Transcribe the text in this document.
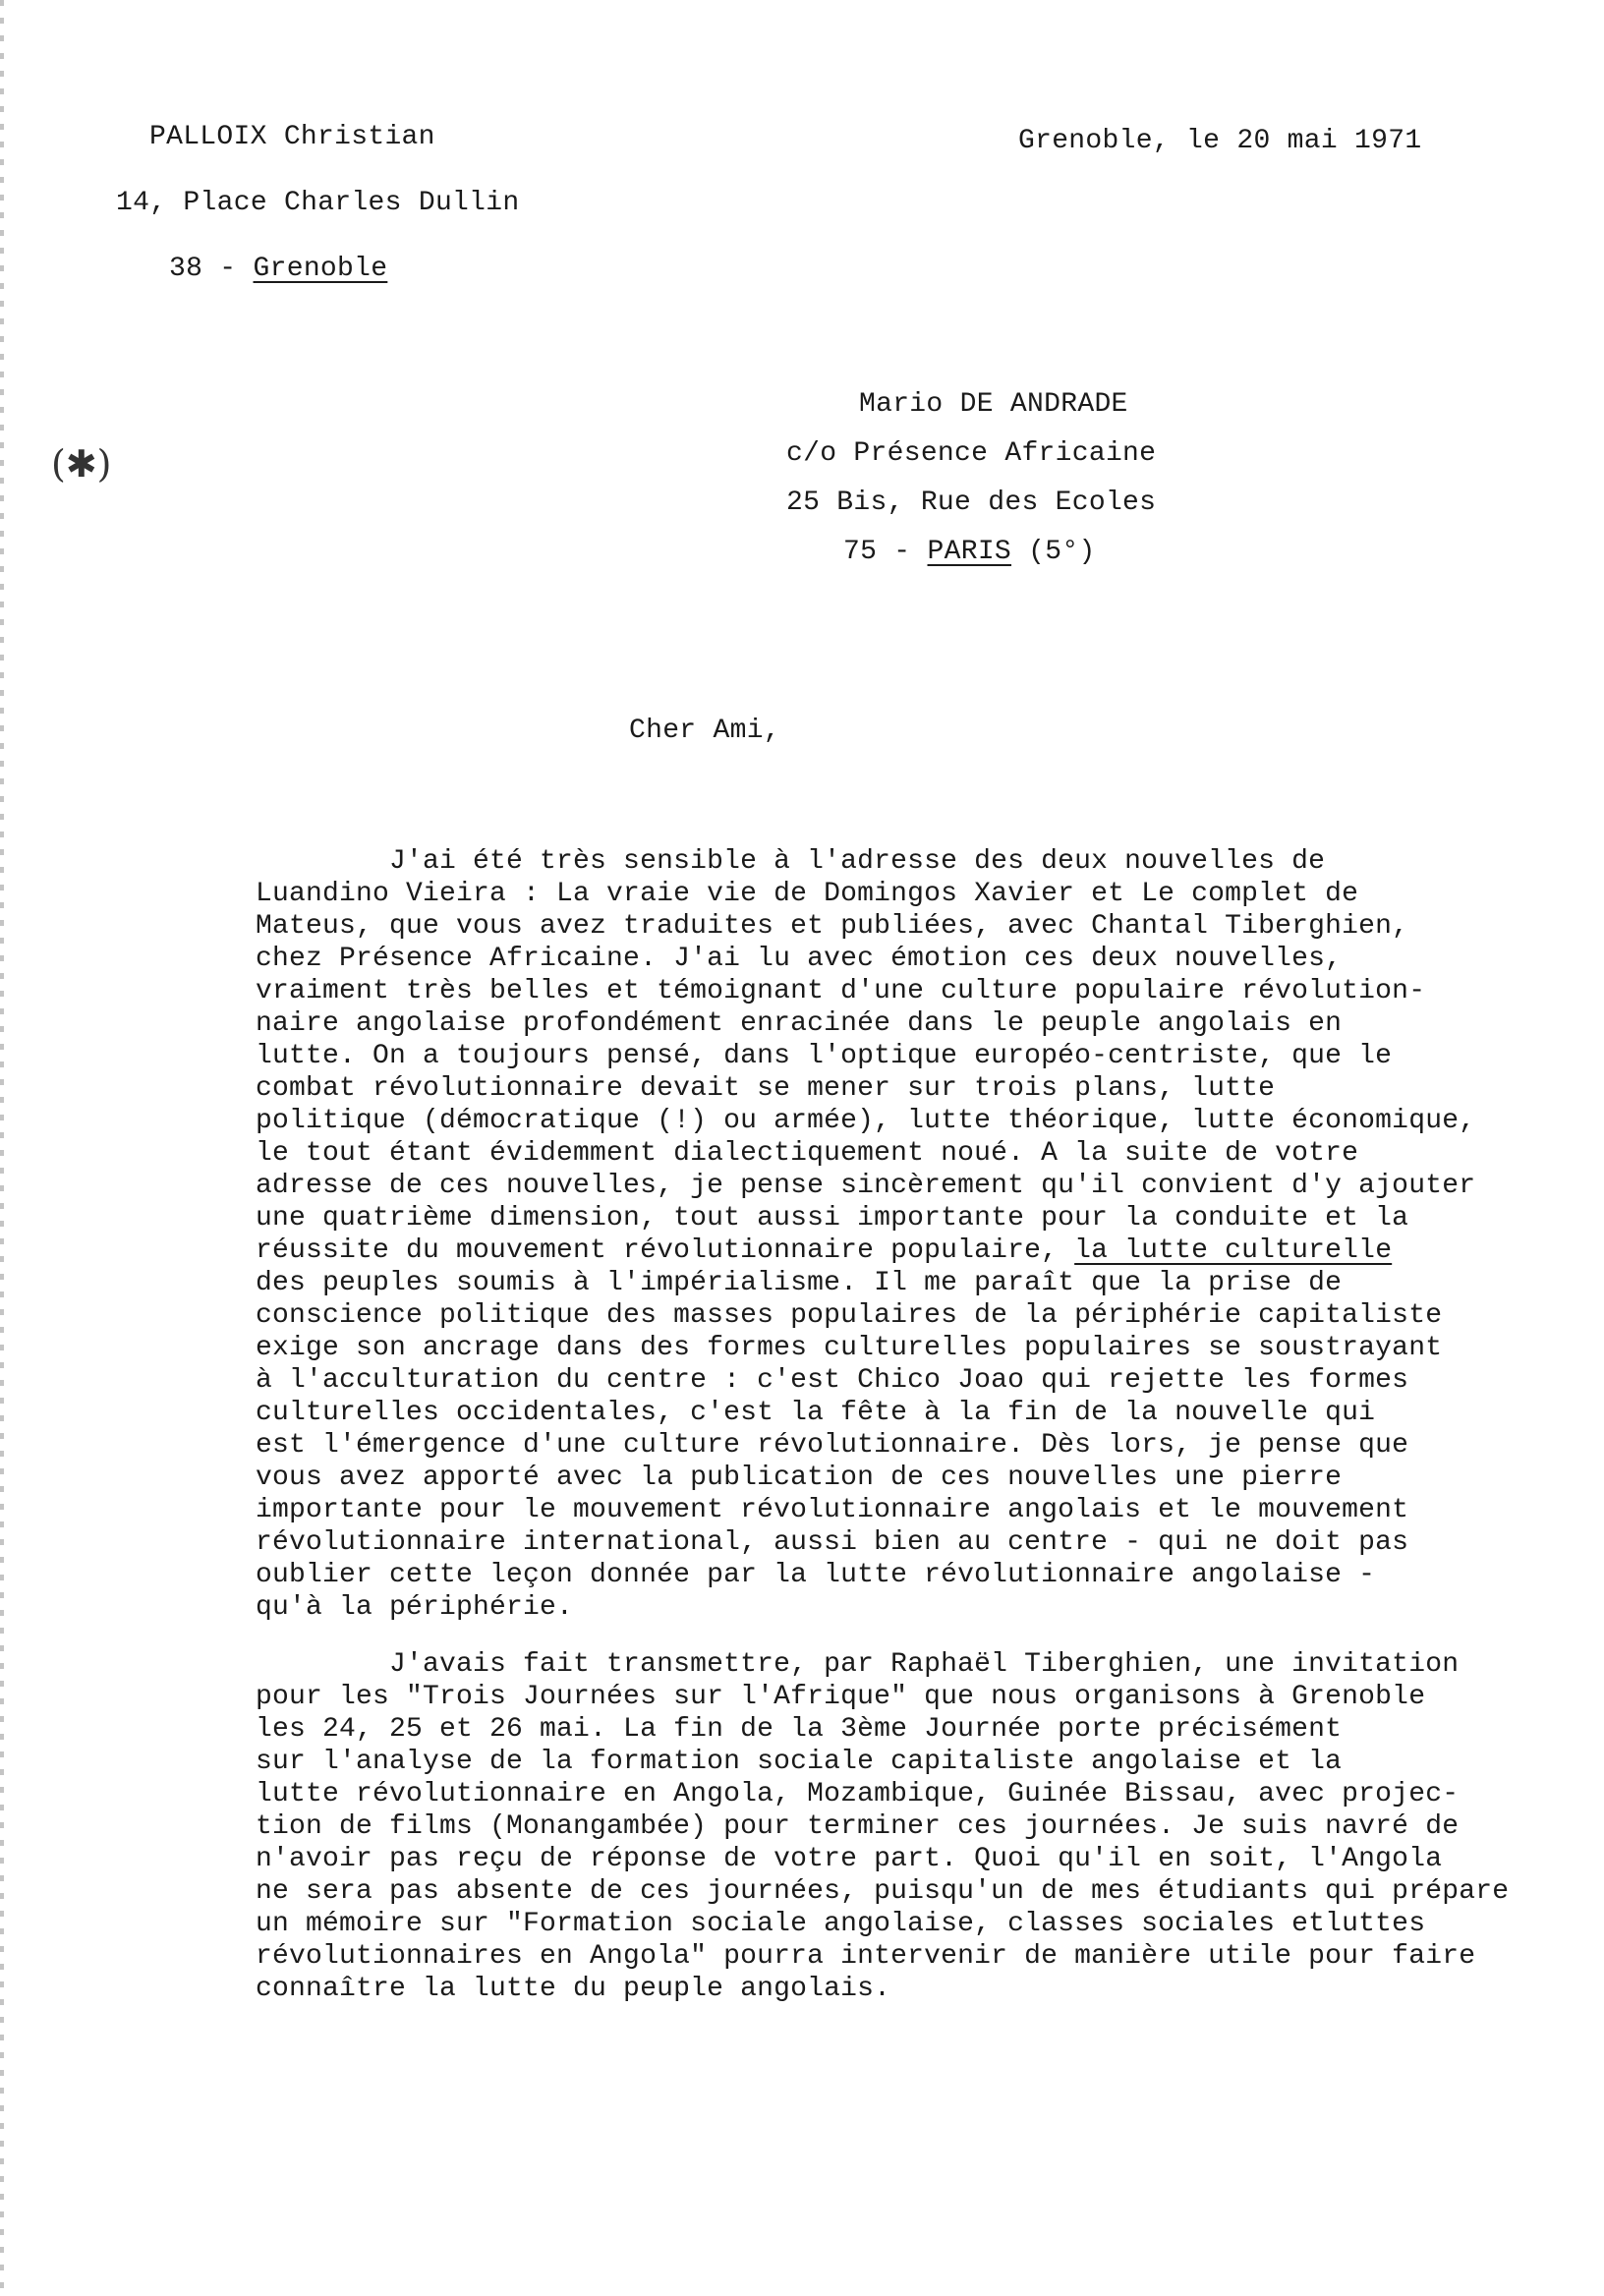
PALLOIX Christian
14, Place Charles Dullin
38 - Grenoble
Grenoble, le 20 mai 1971
Mario DE ANDRADE
c/o Présence Africaine
25 Bis, Rue des Ecoles
75 - PARIS (5°)
(✱)
Cher Ami,
J'ai été très sensible à l'adresse des deux nouvelles de
Luandino Vieira : La vraie vie de Domingos Xavier et Le complet de
Mateus, que vous avez traduites et publiées, avec Chantal Tiberghien,
chez Présence Africaine. J'ai lu avec émotion ces deux nouvelles,
vraiment très belles et témoignant d'une culture populaire révolution-
naire angolaise profondément enracinée dans le peuple angolais en
lutte. On a toujours pensé, dans l'optique européo-centriste, que le
combat révolutionnaire devait se mener sur trois plans, lutte
politique (démocratique (!) ou armée), lutte théorique, lutte économique,
le tout étant évidemment dialectiquement noué. A la suite de votre
adresse de ces nouvelles, je pense sincèrement qu'il convient d'y ajouter
une quatrième dimension, tout aussi importante pour la conduite et la
réussite du mouvement révolutionnaire populaire, la lutte culturelle
des peuples soumis à l'impérialisme. Il me paraît que la prise de
conscience politique des masses populaires de la périphérie capitaliste
exige son ancrage dans des formes culturelles populaires se soustrayant
à l'acculturation du centre : c'est Chico Joao qui rejette les formes
culturelles occidentales, c'est la fête à la fin de la nouvelle qui
est l'émergence d'une culture révolutionnaire. Dès lors, je pense que
vous avez apporté avec la publication de ces nouvelles une pierre
importante pour le mouvement révolutionnaire angolais et le mouvement
révolutionnaire international, aussi bien au centre - qui ne doit pas
oublier cette leçon donnée par la lutte révolutionnaire angolaise -
qu'à la périphérie.
J'avais fait transmettre, par Raphaël Tiberghien, une invitation
pour les "Trois Journées sur l'Afrique" que nous organisons à Grenoble
les 24, 25 et 26 mai. La fin de la 3ème Journée porte précisément
sur l'analyse de la formation sociale capitaliste angolaise et la
lutte révolutionnaire en Angola, Mozambique, Guinée Bissau, avec projec-
tion de films (Monangambée) pour terminer ces journées. Je suis navré de
n'avoir pas reçu de réponse de votre part. Quoi qu'il en soit, l'Angola
ne sera pas absente de ces journées, puisqu'un de mes étudiants qui prépare
un mémoire sur "Formation sociale angolaise, classes sociales etluttes
révolutionnaires en Angola" pourra intervenir de manière utile pour faire
connaître la lutte du peuple angolais.
